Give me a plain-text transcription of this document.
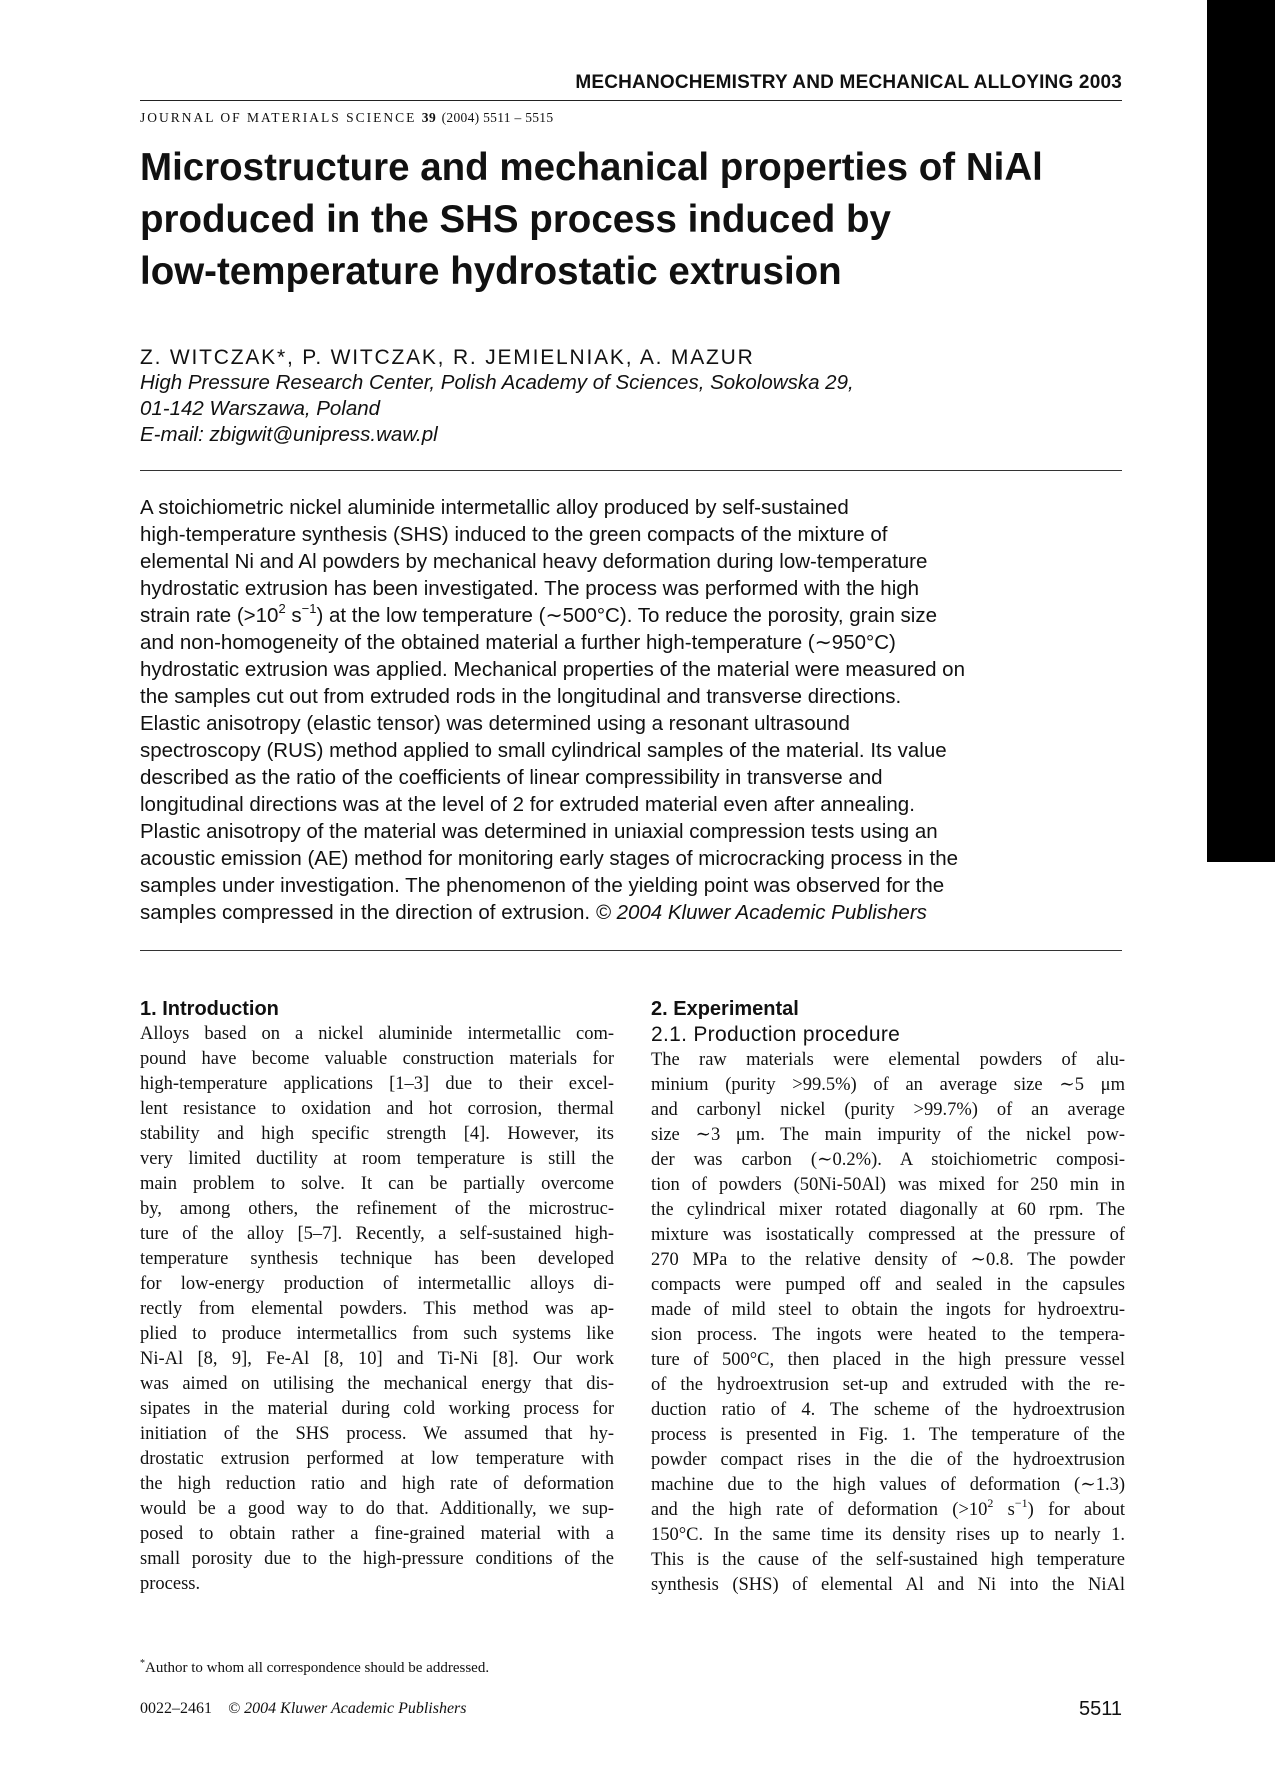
MECHANOCHEMISTRY AND MECHANICAL ALLOYING 2003
JOURNAL OF MATERIALS SCIENCE 39 (2004) 5511 – 5515
Microstructure and mechanical properties of NiAl
produced in the SHS process induced by
low-temperature hydrostatic extrusion
Z. WITCZAK*, P. WITCZAK, R. JEMIELNIAK, A. MAZUR
High Pressure Research Center, Polish Academy of Sciences, Sokolowska 29,
01-142 Warszawa, Poland
E-mail: zbigwit@unipress.waw.pl
A stoichiometric nickel aluminide intermetallic alloy produced by self-sustained
high-temperature synthesis (SHS) induced to the green compacts of the mixture of
elemental Ni and Al powders by mechanical heavy deformation during low-temperature
hydrostatic extrusion has been investigated. The process was performed with the high
strain rate ($>10^2$ $s^{-1}$) at the low temperature (∼500°C). To reduce the porosity, grain size
and non-homogeneity of the obtained material a further high-temperature (∼950°C)
hydrostatic extrusion was applied. Mechanical properties of the material were measured on
the samples cut out from extruded rods in the longitudinal and transverse directions.
Elastic anisotropy (elastic tensor) was determined using a resonant ultrasound
spectroscopy (RUS) method applied to small cylindrical samples of the material. Its value
described as the ratio of the coefficients of linear compressibility in transverse and
longitudinal directions was at the level of 2 for extruded material even after annealing.
Plastic anisotropy of the material was determined in uniaxial compression tests using an
acoustic emission (AE) method for monitoring early stages of microcracking process in the
samples under investigation. The phenomenon of the yielding point was observed for the
samples compressed in the direction of extrusion. © 2004 Kluwer Academic Publishers
1. Introduction
Alloys based on a nickel aluminide intermetallic com-
pound have become valuable construction materials for
high-temperature applications [1–3] due to their excel-
lent resistance to oxidation and hot corrosion, thermal
stability and high specific strength [4]. However, its
very limited ductility at room temperature is still the
main problem to solve. It can be partially overcome
by, among others, the refinement of the microstruc-
ture of the alloy [5–7]. Recently, a self-sustained high-
temperature synthesis technique has been developed
for low-energy production of intermetallic alloys di-
rectly from elemental powders. This method was ap-
plied to produce intermetallics from such systems like
Ni-Al [8, 9], Fe-Al [8, 10] and Ti-Ni [8]. Our work
was aimed on utilising the mechanical energy that dis-
sipates in the material during cold working process for
initiation of the SHS process. We assumed that hy-
drostatic extrusion performed at low temperature with
the high reduction ratio and high rate of deformation
would be a good way to do that. Additionally, we sup-
posed to obtain rather a fine-grained material with a
small porosity due to the high-pressure conditions of the
process.
2. Experimental
2.1. Production procedure
The raw materials were elemental powders of alu-
minium (purity >99.5%) of an average size ∼5 μm
and carbonyl nickel (purity >99.7%) of an average
size ∼3 μm. The main impurity of the nickel pow-
der was carbon (∼0.2%). A stoichiometric composi-
tion of powders (50Ni-50Al) was mixed for 250 min in
the cylindrical mixer rotated diagonally at 60 rpm. The
mixture was isostatically compressed at the pressure of
270 MPa to the relative density of ∼0.8. The powder
compacts were pumped off and sealed in the capsules
made of mild steel to obtain the ingots for hydroextru-
sion process. The ingots were heated to the tempera-
ture of 500°C, then placed in the high pressure vessel
of the hydroextrusion set-up and extruded with the re-
duction ratio of 4. The scheme of the hydroextrusion
process is presented in Fig. 1. The temperature of the
powder compact rises in the die of the hydroextrusion
machine due to the high values of deformation (∼1.3)
and the high rate of deformation ($>10^2$ $s^{-1}$) for about
150°C. In the same time its density rises up to nearly 1.
This is the cause of the self-sustained high temperature
synthesis (SHS) of elemental Al and Ni into the NiAl
*Author to whom all correspondence should be addressed.
0022–2461 © 2004 Kluwer Academic Publishers	5511
